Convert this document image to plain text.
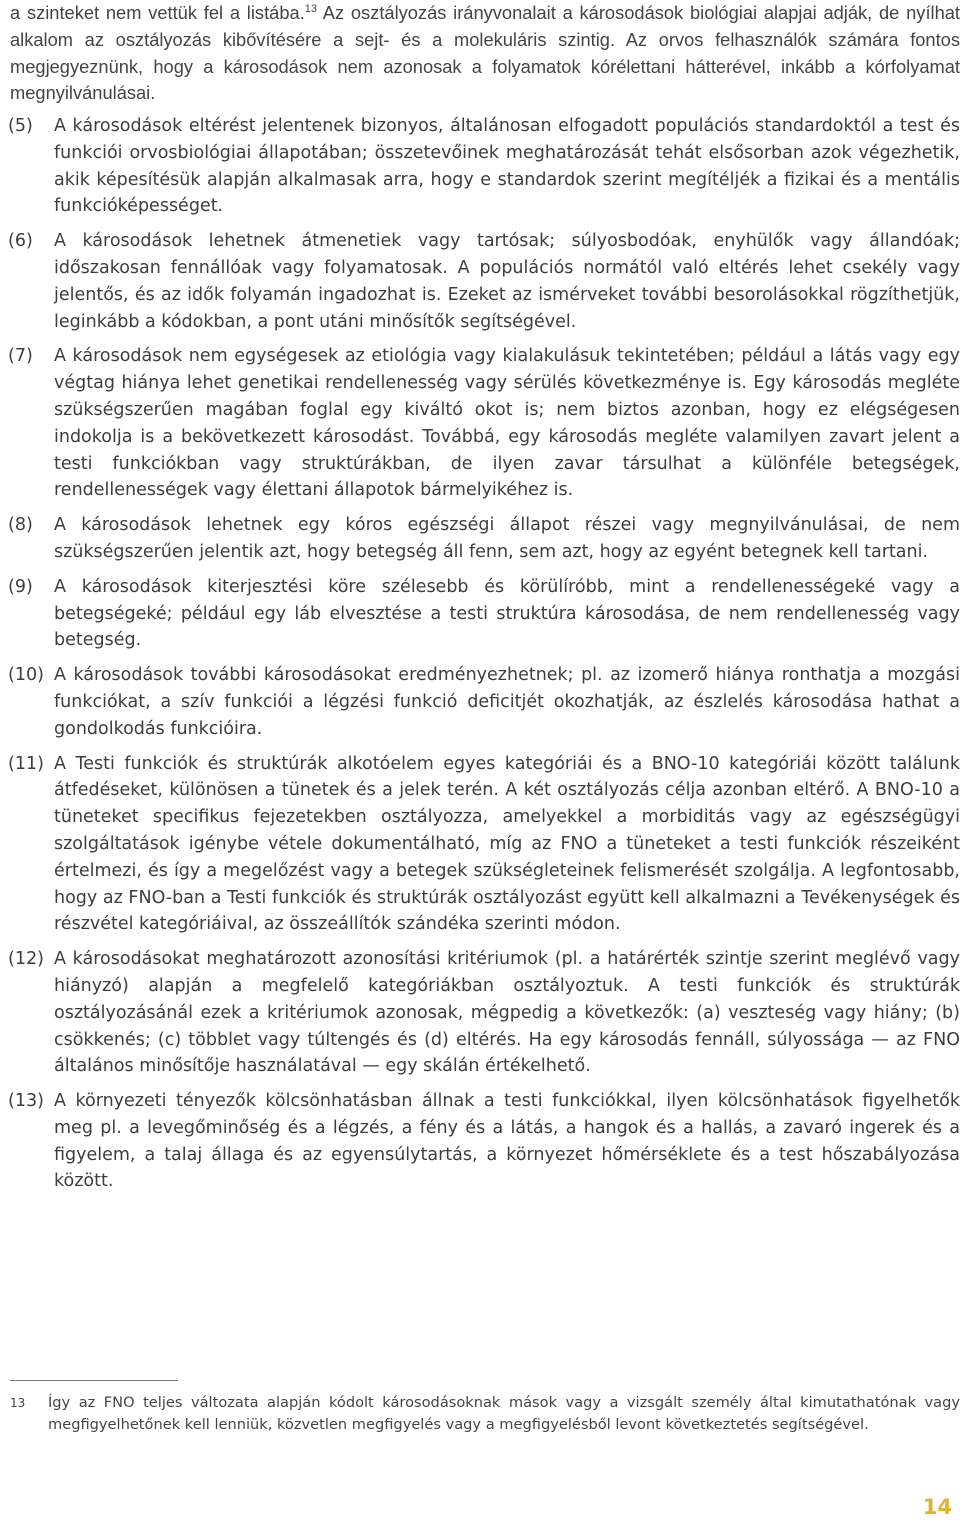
a szinteket nem vettük fel a listába.$^{13}$ Az osztályozás irányvonalait a károsodások biológiai alapjai adják, de nyílhat alkalom az osztályozás kibővítésére a sejt- és a molekuláris szintig. Az orvos felhasználók számára fontos megjegyeznünk, hogy a károsodások nem azonosak a folyamatok kórélettani hátterével, inkább a kórfolyamat megnyilvánulásai.

(5)	A károsodások eltérést jelentenek bizonyos, általánosan elfogadott populációs standardoktól a test és funkciói orvosbiológiai állapotában; összetevőinek meghatározását tehát elsősorban azok végezhetik, akik képesítésük alapján alkalmasak arra, hogy e standardok szerint megítéljék a fizikai és a mentális funkcióképességet.

(6)	A károsodások lehetnek átmenetiek vagy tartósak; súlyosbodóak, enyhülők vagy állandóak; időszakosan fennállóak vagy folyamatosak. A populációs normától való eltérés lehet csekély vagy jelentős, és az idők folyamán ingadozhat is. Ezeket az ismérveket további besorolásokkal rögzíthetjük, leginkább a kódokban, a pont utáni minősítők segítségével.

(7)	A károsodások nem egységesek az etiológia vagy kialakulásuk tekintetében; például a látás vagy egy végtag hiánya lehet genetikai rendellenesség vagy sérülés következménye is. Egy károsodás megléte szükségszerűen magában foglal egy kiváltó okot is; nem biztos azonban, hogy ez elégségesen indokolja is a bekövetkezett károsodást. Továbbá, egy károsodás megléte valamilyen zavart jelent a testi funkciókban vagy struktúrákban, de ilyen zavar társulhat a különféle betegségek, rendellenességek vagy élettani állapotok bármelyikéhez is.

(8)	A károsodások lehetnek egy kóros egészségi állapot részei vagy megnyilvánulásai, de nem szükségszerűen jelentik azt, hogy betegség áll fenn, sem azt, hogy az egyént betegnek kell tartani.

(9)	A károsodások kiterjesztési köre szélesebb és körülíróbb, mint a rendellenességeké vagy a betegségeké; például egy láb elvesztése a testi struktúra károsodása, de nem rendellenesség vagy betegség.

(10) A károsodások további károsodásokat eredményezhetnek; pl. az izomerő hiánya ronthatja a mozgási funkciókat, a szív funkciói a légzési funkció deficitjét okozhatják, az észlelés károsodása hathat a gondolkodás funkcióira.

(11) A Testi funkciók és struktúrák alkotóelem egyes kategóriái és a BNO-10 kategóriái között találunk átfedéseket, különösen a tünetek és a jelek terén. A két osztályozás célja azonban eltérő. A BNO-10 a tüneteket specifikus fejezetekben osztályozza, amelyekkel a morbiditás vagy az egészségügyi szolgáltatások igénybe vétele dokumentálható, míg az FNO a tüneteket a testi funkciók részeiként értelmezi, és így a megelőzést vagy a betegek szükségleteinek felismerését szolgálja. A legfontosabb, hogy az FNO-ban a Testi funkciók és struktúrák osztályozást együtt kell alkalmazni a Tevékenységek és részvétel kategóriáival, az összeállítók szándéka szerinti módon.

(12) A károsodásokat meghatározott azonosítási kritériumok (pl. a határérték szintje szerint meglévő vagy hiányzó) alapján a megfelelő kategóriákban osztályoztuk. A testi funkciók és struktúrák osztályozásánál ezek a kritériumok azonosak, mégpedig a következők: (a) veszteség vagy hiány; (b) csökkenés; (c) többlet vagy túltengés és (d) eltérés. Ha egy károsodás fennáll, súlyossága — az FNO általános minősítője használatával — egy skálán értékelhető.

(13) A környezeti tényezők kölcsönhatásban állnak a testi funkciókkal, ilyen kölcsönhatások figyelhetők meg pl. a levegőminőség és a légzés, a fény és a látás, a hangok és a hallás, a zavaró ingerek és a figyelem, a talaj állaga és az egyensúlytartás, a környezet hőmérséklete és a test hőszabályozása között.

13 Így az FNO teljes változata alapján kódolt károsodásoknak mások vagy a vizsgált személy által kimutathatónak vagy megfigyelhetőnek kell lenniük, közvetlen megfigyelés vagy a megfigyelésből levont következtetés segítségével.
14
